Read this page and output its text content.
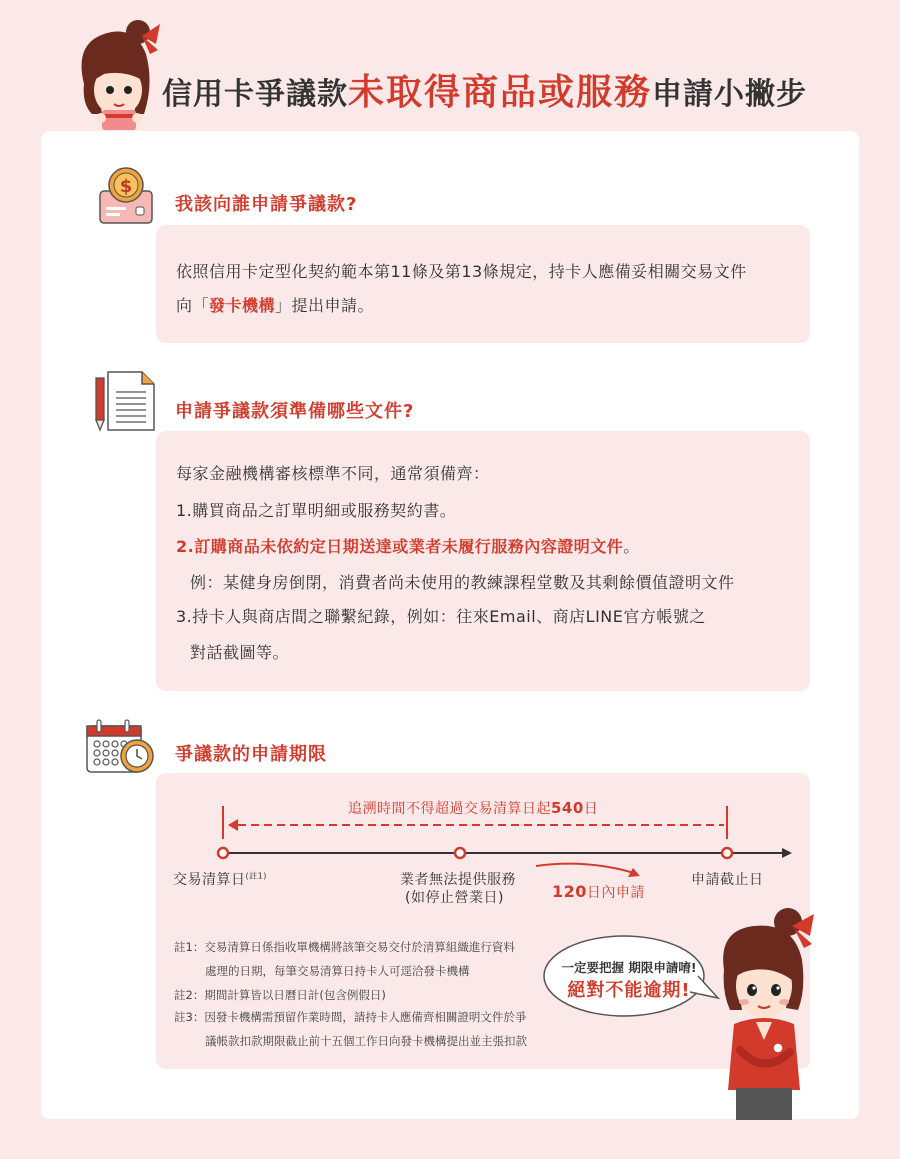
信用卡爭議款未取得商品或服務申請小撇步
$
我該向誰申請爭議款?
依照信用卡定型化契約範本第11條及第13條規定，持卡人應備妥相關交易文件
向「發卡機構」提出申請。
申請爭議款須準備哪些文件?
每家金融機構審核標準不同，通常須備齊：
1.購買商品之訂單明細或服務契約書。
2.訂購商品未依約定日期送達或業者未履行服務內容證明文件。
例：某健身房倒閉，消費者尚未使用的教練課程堂數及其剩餘價值證明文件
3.持卡人與商店間之聯繫紀錄，例如：往來Email、商店LINE官方帳號之
對話截圖等。
爭議款的申請期限
追溯時間不得超過交易清算日起540日
交易清算日$^{(註1)}$	業者無法提供服務
(如停止營業日)
申請截止日
120日內申請
註1：交易清算日係指收單機構將該筆交易交付於清算組織進行資料
處理的日期，每筆交易清算日持卡人可逕洽發卡機構
註2：期間計算皆以日曆日計(包含例假日)
註3：因發卡機構需預留作業時間，請持卡人應備齊相關證明文件於爭
議帳款扣款期限截止前十五個工作日向發卡機構提出並主張扣款
一定要把握 期限申請唷!
絕對不能逾期!
